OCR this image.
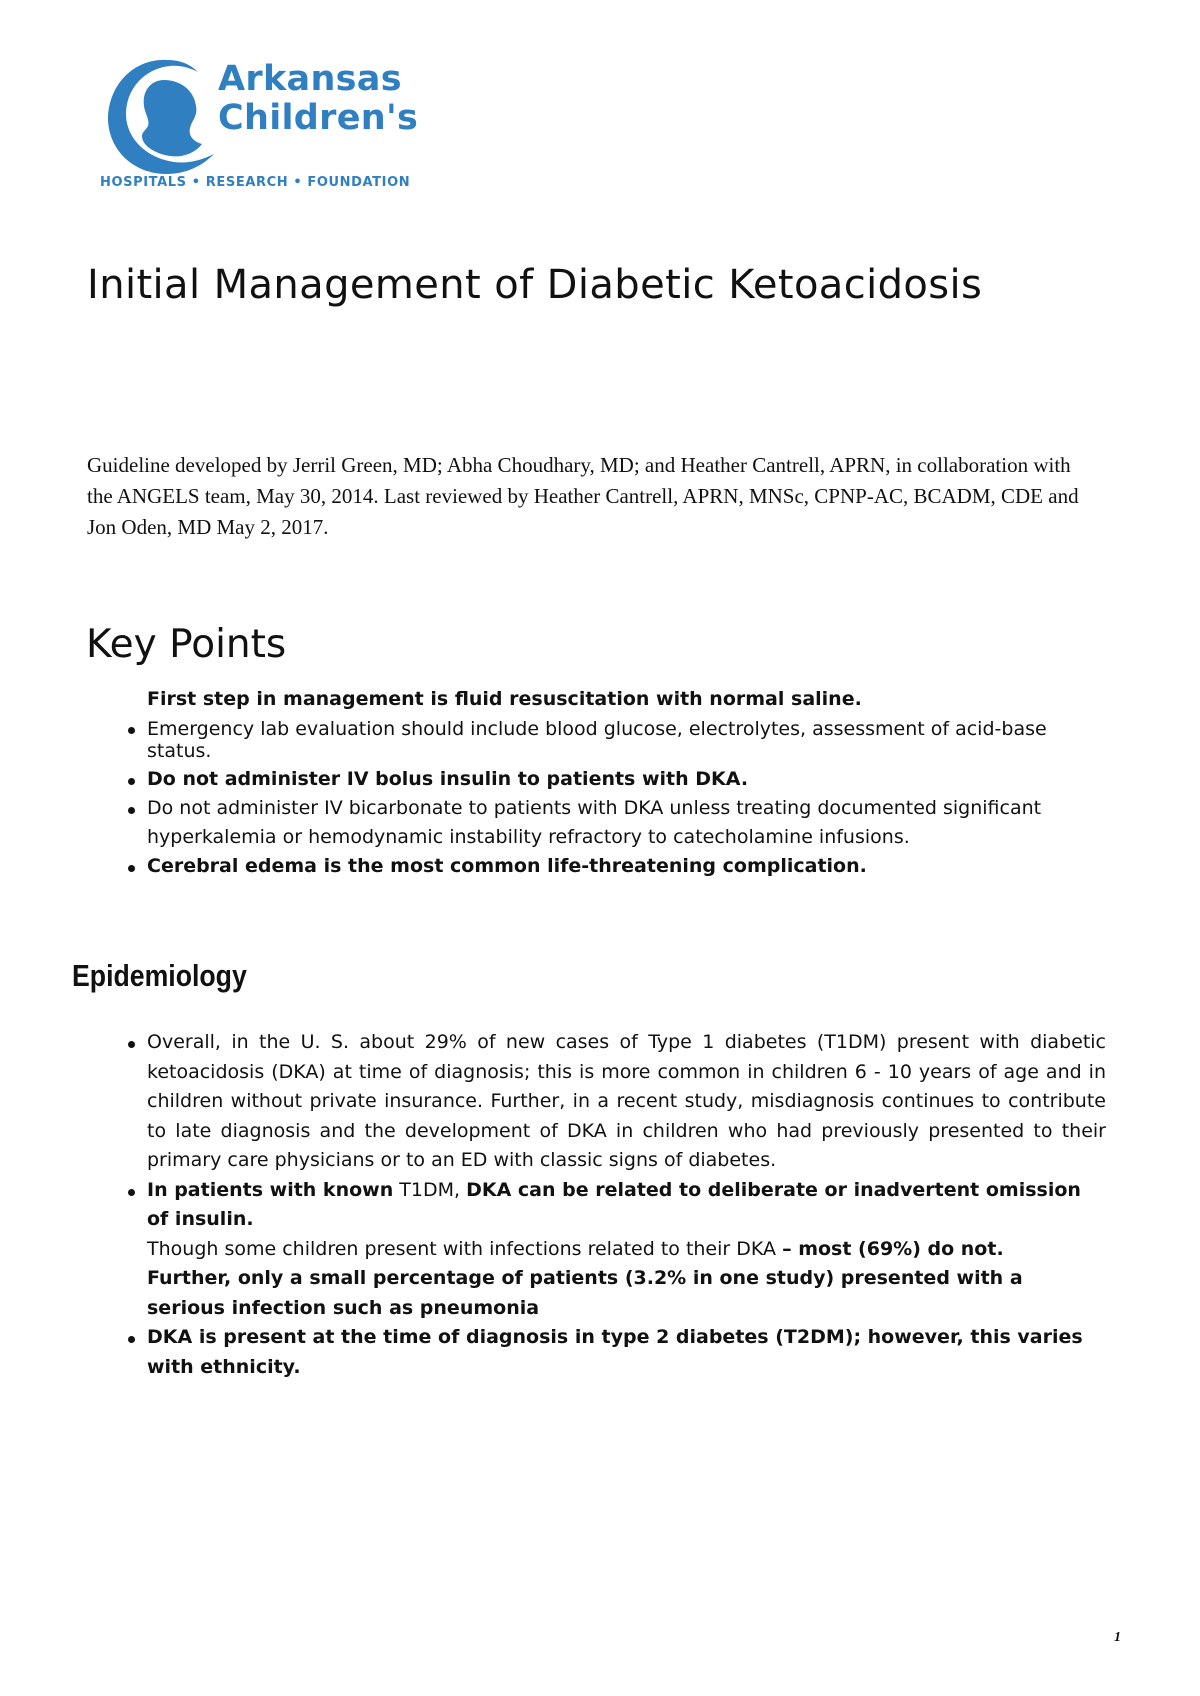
Arkansas
Children's
HOSPITALS • RESEARCH • FOUNDATION
Initial Management of Diabetic Ketoacidosis

Guideline developed by Jerril Green, MD; Abha Choudhary, MD; and Heather Cantrell, APRN, in collaboration with the ANGELS team, May 30, 2014. Last reviewed by Heather Cantrell, APRN, MNSc, CPNP-AC, BCADM, CDE and Jon Oden, MD May 2, 2017.

Key Points
First step in management is fluid resuscitation with normal saline.
Emergency lab evaluation should include blood glucose, electrolytes, assessment of acid-base status.
Do not administer IV bolus insulin to patients with DKA.
Do not administer IV bicarbonate to patients with DKA unless treating documented significant hyperkalemia or hemodynamic instability refractory to catecholamine infusions.
Cerebral edema is the most common life-threatening complication.
Epidemiology
Overall, in the U. S. about 29% of new cases of Type 1 diabetes (T1DM) present with diabetic ketoacidosis (DKA) at time of diagnosis; this is more common in children 6 - 10 years of age and in children without private insurance. Further, in a recent study, misdiagnosis continues to contribute to late diagnosis and the development of DKA in children who had previously presented to their primary care physicians or to an ED with classic signs of diabetes.
In patients with known T1DM, DKA can be related to deliberate or inadvertent omission of insulin.
Though some children present with infections related to their DKA – most (69%) do not.
Further, only a small percentage of patients (3.2% in one study) presented with a serious infection such as pneumonia
DKA is present at the time of diagnosis in type 2 diabetes (T2DM); however, this varies with ethnicity.
1
